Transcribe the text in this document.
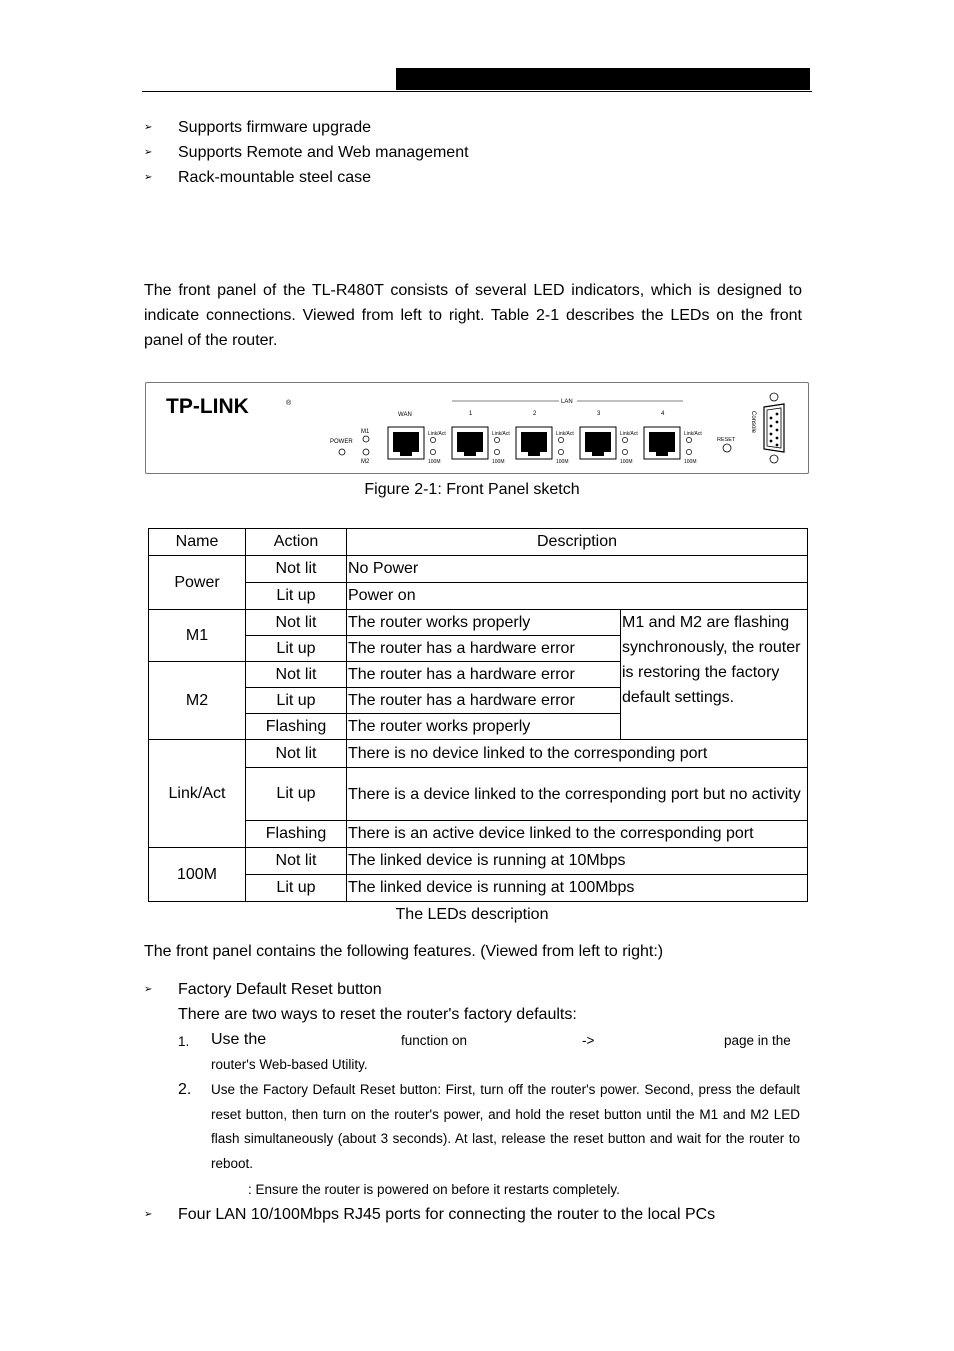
➢ Supports firmware upgrade
➢ Supports Remote and Web management
➢ Rack-mountable steel case
The front panel of the TL-R480T consists of several LED indicators, which is designed to indicate connections. Viewed from left to right. Table 2-1 describes the LEDs on the front panel of the router.
TP-LINK	®
POWER
M1
M2
LAN
WAN	1	2	3	4
Link/Act
100M
Link/Act
100M
Link/Act
100M
Link/Act
100M
Link/Act
100M
RESET
Console
Figure 2-1: Front Panel sketch
Name	Action	Description	
Power	Not lit	No Power	
	Lit up	Power on	
M1	Not lit	The router works properly	M1 and M2 are flashing synchronously, the router is restoring the factory default settings.
	Lit up	The router has a hardware error	
M2	Not lit	The router has a hardware error	
	Lit up	The router has a hardware error	
	Flashing	The router works properly	
Link/Act	Not lit	There is no device linked to the corresponding port	
	Lit up	There is a device linked to the corresponding port but no activity	
	Flashing	There is an active device linked to the corresponding port	
100M	Not lit	The linked device is running at 10Mbps	
	Lit up	The linked device is running at 100Mbps	
The LEDs description
The front panel contains the following features. (Viewed from left to right:)
➢ Factory Default Reset button
There are two ways to reset the router's factory defaults:
1. Use the	function on	->	page in the
router's Web-based Utility.
2. Use the Factory Default Reset button: First, turn off the router's power. Second, press the default reset button, then turn on the router's power, and hold the reset button until the M1 and M2 LED flash simultaneously (about 3 seconds). At last, release the reset button and wait for the router to reboot.
: Ensure the router is powered on before it restarts completely.
➢ Four LAN 10/100Mbps RJ45 ports for connecting the router to the local PCs
